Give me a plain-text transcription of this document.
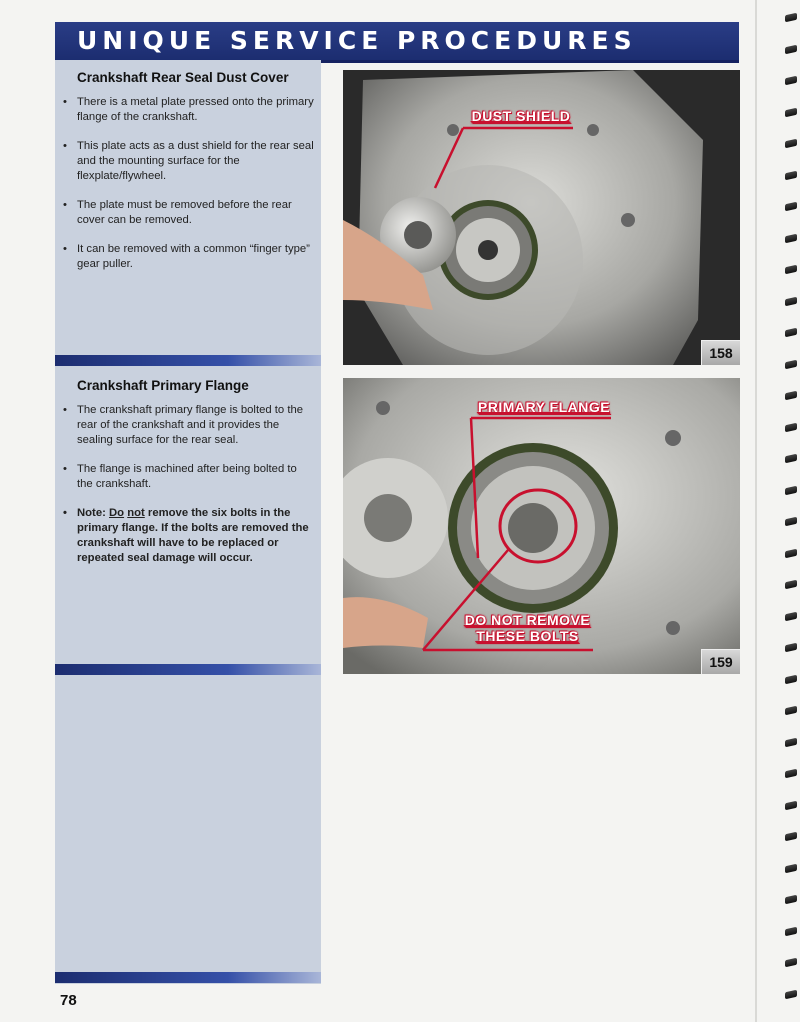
UNIQUE SERVICE PROCEDURES
Crankshaft Rear Seal Dust Cover
• There is a metal plate pressed onto the primary flange of the crankshaft.
• This plate acts as a dust shield for the rear seal and the mounting surface for the flexplate/flywheel.
• The plate must be removed before the rear cover can be removed.
• It can be removed with a common “finger type” gear puller.
Crankshaft Primary Flange
• The crankshaft primary flange is bolted to the rear of the crankshaft and it provides the sealing surface for the rear seal.
• The flange is machined after being bolted to the crankshaft.
• Note: Do not remove the six bolts in the primary flange. If the bolts are removed the crankshaft will have to be replaced or repeated seal damage will occur.
DUST SHIELD
158
PRIMARY FLANGE
DO NOT REMOVE THESE BOLTS
159
78
